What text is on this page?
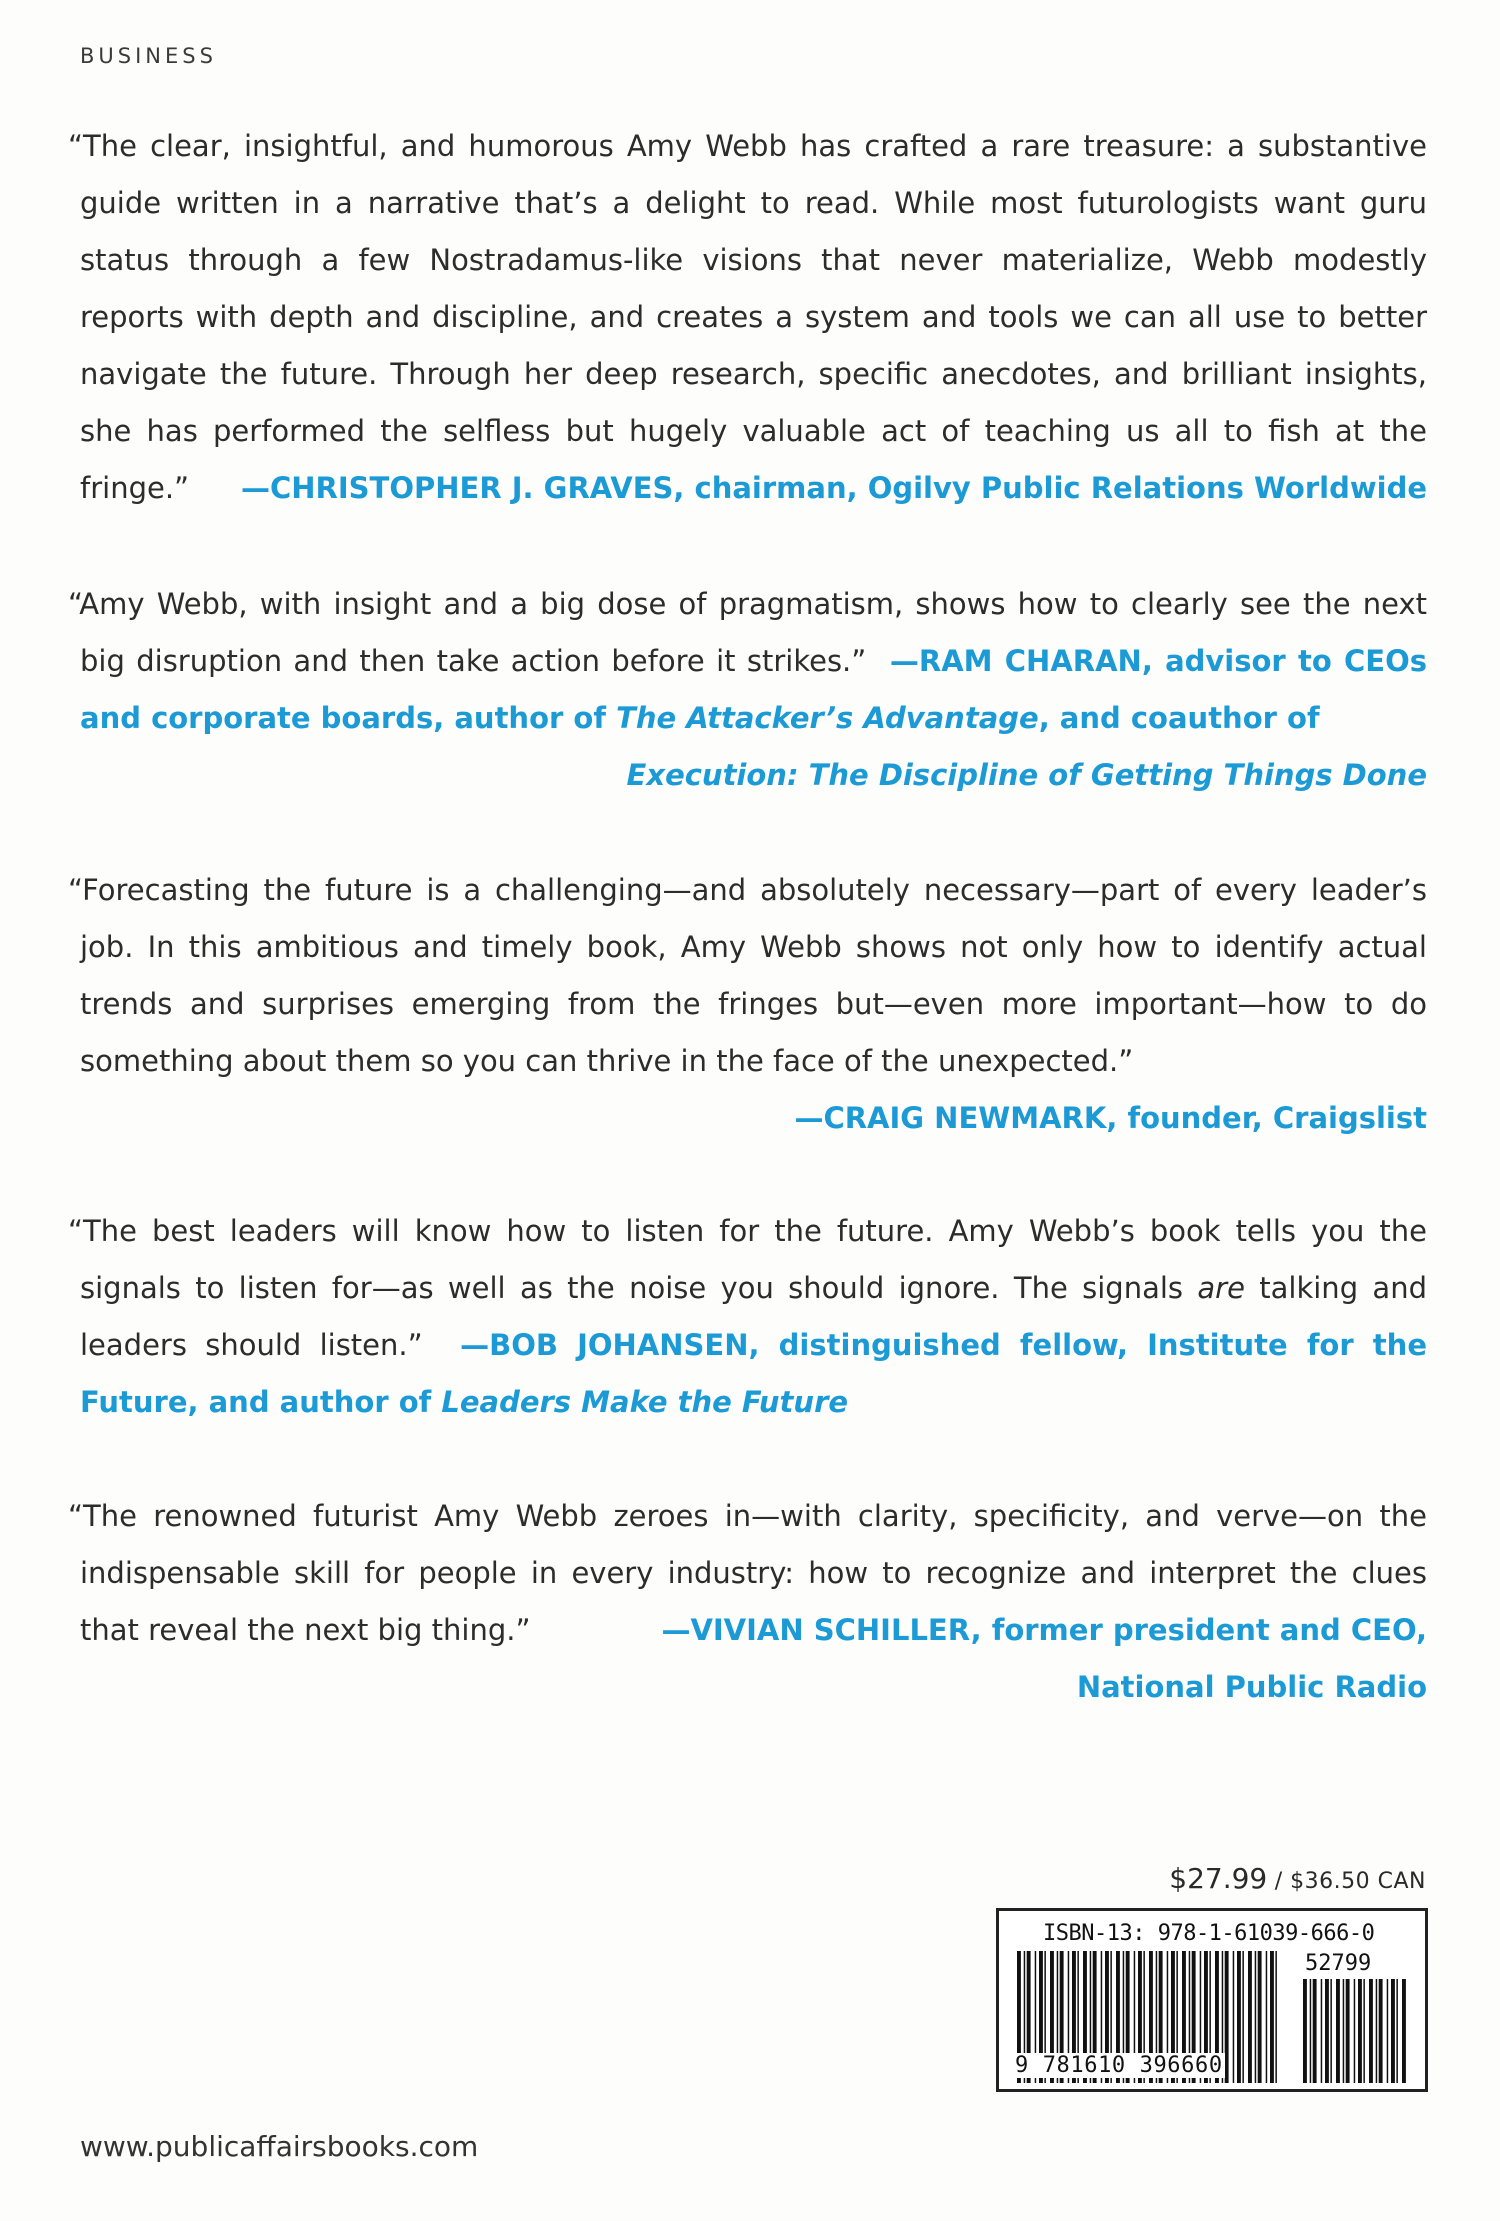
BUSINESS
“The clear, insightful, and humorous Amy Webb has crafted a rare treasure: a substantive guide written in a narrative that’s a delight to read. While most futurologists want guru status through a few Nostradamus-like visions that never materialize, Webb modestly reports with depth and discipline, and creates a system and tools we can all use to better navigate the future. Through her deep research, specific anecdotes, and brilliant insights, she has performed the selfless but hugely valuable act of teaching us all to fish at the fringe.” —CHRISTOPHER J. GRAVES, chairman, Ogilvy Public Relations Worldwide
“Amy Webb, with insight and a big dose of pragmatism, shows how to clearly see the next big disruption and then take action before it strikes.” —RAM CHARAN, advisor to CEOs and corporate boards, author of The Attacker’s Advantage, and coauthor of
Execution: The Discipline of Getting Things Done
“Forecasting the future is a challenging—and absolutely necessary—part of every leader’s job. In this ambitious and timely book, Amy Webb shows not only how to identify actual trends and surprises emerging from the fringes but—even more important—how to do something about them so you can thrive in the face of the unexpected.”
—CRAIG NEWMARK, founder, Craigslist
“The best leaders will know how to listen for the future. Amy Webb’s book tells you the signals to listen for—as well as the noise you should ignore. The signals are talking and leaders should listen.” —BOB JOHANSEN, distinguished fellow, Institute for the Future, and author of Leaders Make the Future
“The renowned futurist Amy Webb zeroes in—with clarity, specificity, and verve—on the indispensable skill for people in every industry: how to recognize and interpret the clues that reveal the next big thing.”	—VIVIAN SCHILLER, former president and CEO,
National Public Radio
$27.99 / $36.50 CAN
ISBN-13: 978-1-61039-666-0
52799
9 781610 396660
www.publicaffairsbooks.com
